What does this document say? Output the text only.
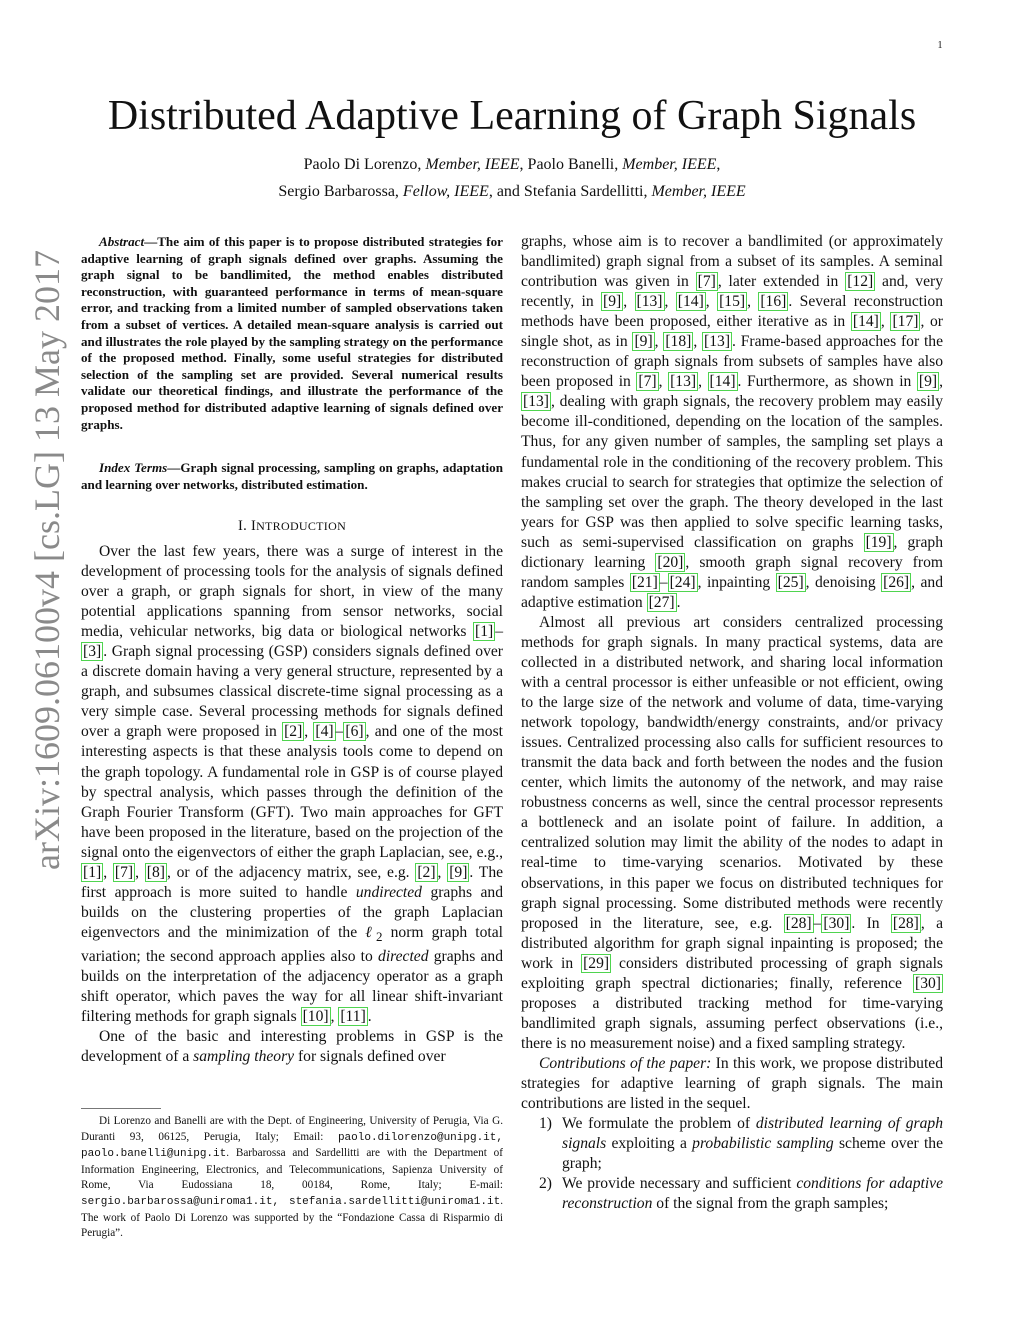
1
arXiv:1609.06100v4 [cs.LG] 13 May 2017
Distributed Adaptive Learning of Graph Signals
Paolo Di Lorenzo, Member, IEEE, Paolo Banelli, Member, IEEE,
Sergio Barbarossa, Fellow, IEEE, and Stefania Sardellitti, Member, IEEE

Abstract—The aim of this paper is to propose distributed strategies for adaptive learning of graph signals defined over graphs. Assuming the graph signal to be bandlimited, the method enables distributed reconstruction, with guaranteed performance in terms of mean-square error, and tracking from a limited number of sampled observations taken from a subset of vertices. A detailed mean-square analysis is carried out and illustrates the role played by the sampling strategy on the performance of the proposed method. Finally, some useful strategies for distributed selection of the sampling set are provided. Several numerical results validate our theoretical findings, and illustrate the performance of the proposed method for distributed adaptive learning of signals defined over graphs.

Index Terms—Graph signal processing, sampling on graphs, adaptation and learning over networks, distributed estimation.
I. INTRODUCTION

Over the last few years, there was a surge of interest in the development of processing tools for the analysis of signals defined over a graph, or graph signals for short, in view of the many potential applications spanning from sensor networks, social media, vehicular networks, big data or biological networks [1] –[3] . Graph signal processing (GSP) considers signals defined over a discrete domain having a very general structure, represented by a graph, and subsumes classical discrete-time signal processing as a very simple case. Several processing methods for signals defined over a graph were proposed in [2] , [4] – [6] , and one of the most interesting aspects is that these analysis tools come to depend on the graph topology. A fundamental role in GSP is of course played by spectral analysis, which passes through the definition of the Graph Fourier Transform (GFT). Two main approaches for GFT have been proposed in the literature, based on the projection of the signal onto the eigenvectors of either the graph Laplacian, see, e.g., [1] , [7] , [8] , or of the adjacency matrix, see, e.g. [2] , [9] . The first approach is more suited to handle undirected graphs and builds on the clustering properties of the graph Laplacian eigenvectors and the minimization of the ℓ$_2$ norm graph total variation; the second approach applies also to directed graphs and builds on the interpretation of the adjacency operator as a graph shift operator, which paves the way for all linear shift-invariant filtering methods for graph signals [10] , [11] .

One of the basic and interesting problems in GSP is the development of a sampling theory for signals defined over

Di Lorenzo and Banelli are with the Dept. of Engineering, University of Perugia, Via G. Duranti 93, 06125, Perugia, Italy; Email: paolo.dilorenzo@unipg.it, paolo.banelli@unipg.it. Barbarossa and Sardellitti are with the Department of Information Engineering, Electronics, and Telecommunications, Sapienza University of Rome, Via Eudossiana 18, 00184, Rome, Italy; E-mail: sergio.barbarossa@uniroma1.it, stefania.sardellitti@uniroma1.it. The work of Paolo Di Lorenzo was supported by the “Fondazione Cassa di Risparmio di Perugia”.

graphs, whose aim is to recover a bandlimited (or approximately bandlimited) graph signal from a subset of its samples. A seminal contribution was given in [7] , later extended in [12] and, very recently, in [9] , [13] , [14] , [15] , [16] . Several reconstruction methods have been proposed, either iterative as in [14] , [17] , or single shot, as in [9] , [18] , [13] . Frame-based approaches for the reconstruction of graph signals from subsets of samples have also been proposed in [7] , [13] , [14] . Furthermore, as shown in [9] , [13] , dealing with graph signals, the recovery problem may easily become ill-conditioned, depending on the location of the samples. Thus, for any given number of samples, the sampling set plays a fundamental role in the conditioning of the recovery problem. This makes crucial to search for strategies that optimize the selection of the sampling set over the graph. The theory developed in the last years for GSP was then applied to solve specific learning tasks, such as semi-supervised classification on graphs [19] , graph dictionary learning [20] , smooth graph signal recovery from random samples [21] – [24] , inpainting [25] , denoising [26] , and adaptive estimation [27] .

Almost all previous art considers centralized processing methods for graph signals. In many practical systems, data are collected in a distributed network, and sharing local information with a central processor is either unfeasible or not efficient, owing to the large size of the network and volume of data, time-varying network topology, bandwidth/energy constraints, and/or privacy issues. Centralized processing also calls for sufficient resources to transmit the data back and forth between the nodes and the fusion center, which limits the autonomy of the network, and may raise robustness concerns as well, since the central processor represents a bottleneck and an isolate point of failure. In addition, a centralized solution may limit the ability of the nodes to adapt in real-time to time-varying scenarios. Motivated by these observations, in this paper we focus on distributed techniques for graph signal processing. Some distributed methods were recently proposed in the literature, see, e.g. [28] – [30] . In [28] , a distributed algorithm for graph signal inpainting is proposed; the work in [29] considers distributed processing of graph signals exploiting graph spectral dictionaries; finally, reference [30] proposes a distributed tracking method for time-varying bandlimited graph signals, assuming perfect observations (i.e., there is no measurement noise) and a fixed sampling strategy.

Contributions of the paper: In this work, we propose distributed strategies for adaptive learning of graph signals. The main contributions are listed in the sequel.

1) We formulate the problem of distributed learning of graph signals exploiting a probabilistic sampling scheme over the graph;
2) We provide necessary and sufficient conditions for adaptive reconstruction of the signal from the graph samples;
